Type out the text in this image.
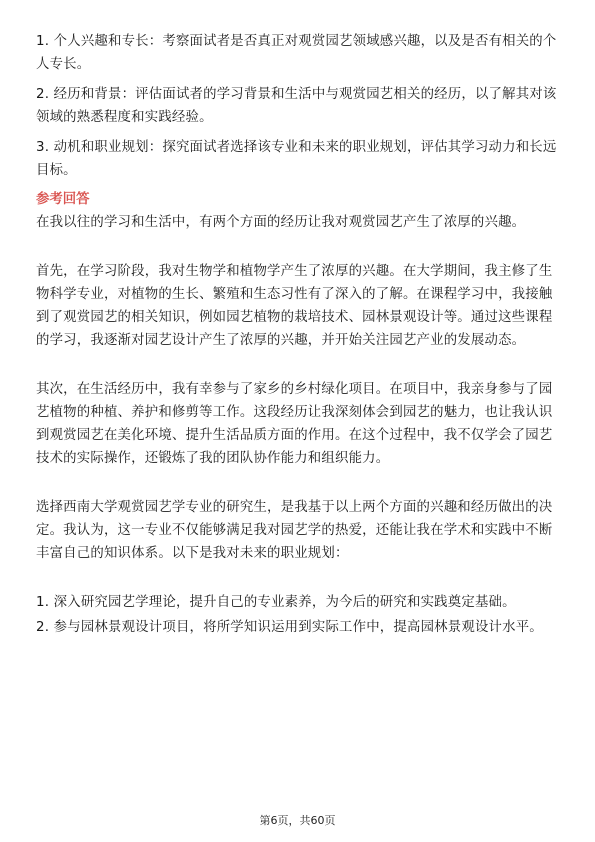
1. 个人兴趣和专长：考察面试者是否真正对观赏园艺领域感兴趣，以及是否有相关的个人专长。

2. 经历和背景：评估面试者的学习背景和生活中与观赏园艺相关的经历，以了解其对该领域的熟悉程度和实践经验。

3. 动机和职业规划：探究面试者选择该专业和未来的职业规划，评估其学习动力和长远目标。

参考回答

在我以往的学习和生活中，有两个方面的经历让我对观赏园艺产生了浓厚的兴趣。

首先，在学习阶段，我对生物学和植物学产生了浓厚的兴趣。在大学期间，我主修了生物科学专业，对植物的生长、繁殖和生态习性有了深入的了解。在课程学习中，我接触到了观赏园艺的相关知识，例如园艺植物的栽培技术、园林景观设计等。通过这些课程的学习，我逐渐对园艺设计产生了浓厚的兴趣，并开始关注园艺产业的发展动态。

其次，在生活经历中，我有幸参与了家乡的乡村绿化项目。在项目中，我亲身参与了园艺植物的种植、养护和修剪等工作。这段经历让我深刻体会到园艺的魅力，也让我认识到观赏园艺在美化环境、提升生活品质方面的作用。在这个过程中，我不仅学会了园艺技术的实际操作，还锻炼了我的团队协作能力和组织能力。

选择西南大学观赏园艺学专业的研究生，是我基于以上两个方面的兴趣和经历做出的决定。我认为，这一专业不仅能够满足我对园艺学的热爱，还能让我在学术和实践中不断丰富自己的知识体系。以下是我对未来的职业规划：

1. 深入研究园艺学理论，提升自己的专业素养，为今后的研究和实践奠定基础。

2. 参与园林景观设计项目，将所学知识运用到实际工作中，提高园林景观设计水平。

第6页，共60页
